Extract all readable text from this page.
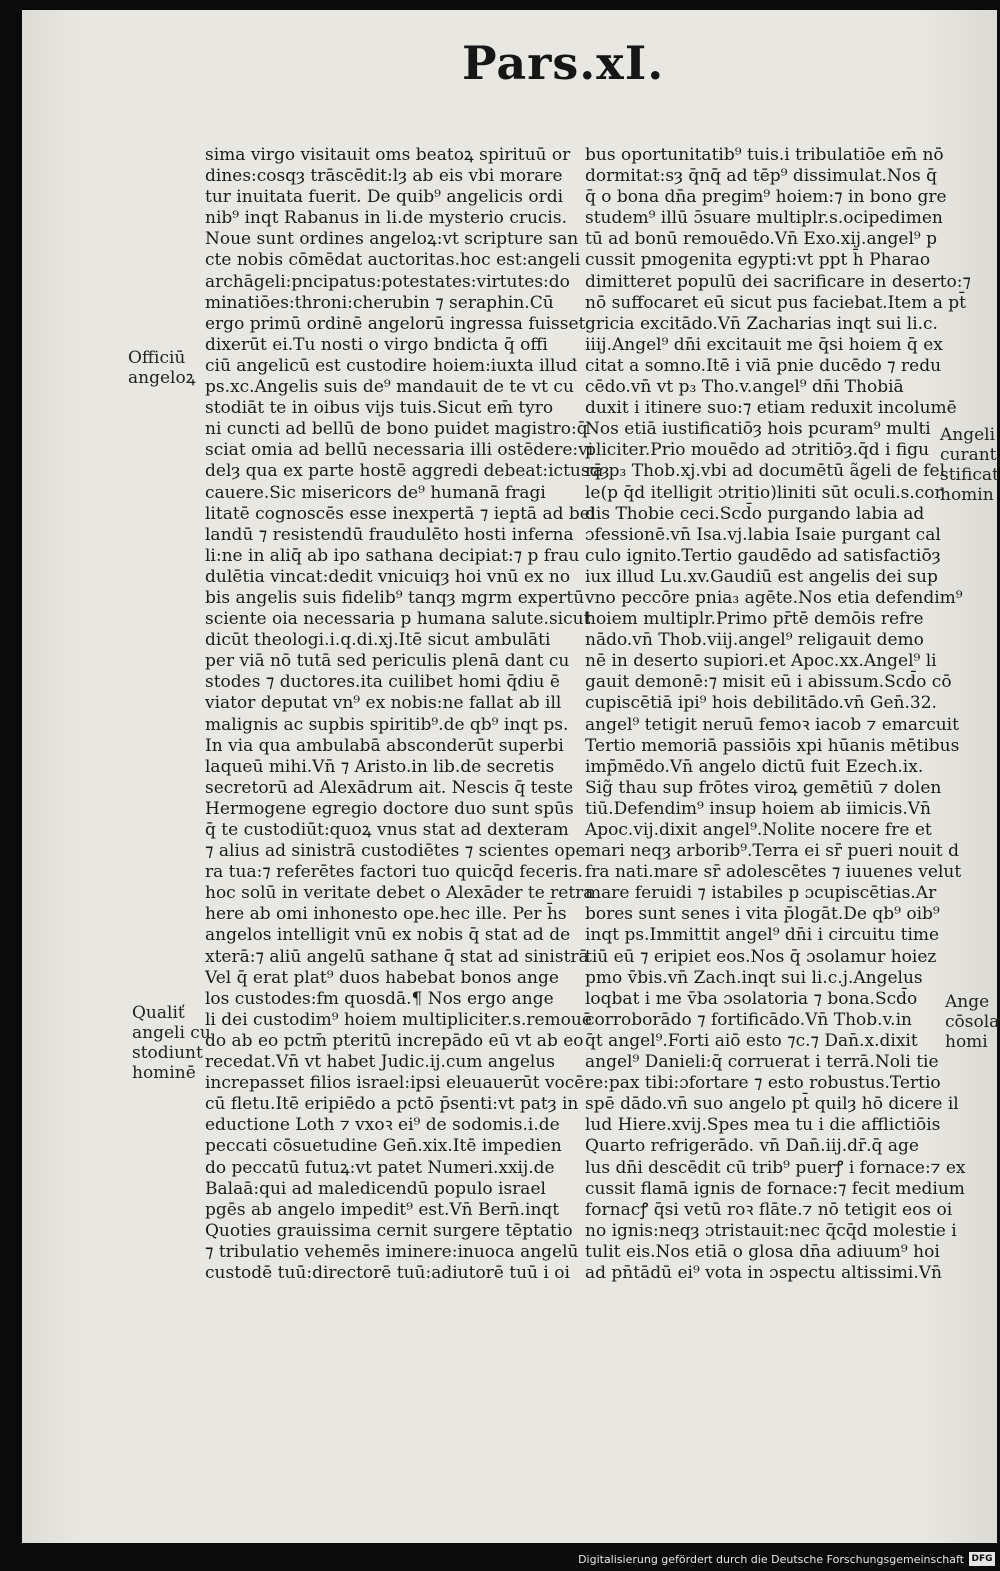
Pars.xI.
sima virgo visitauit oms beatoꝝ spirituū or
dines:cosqȝ trāscēdit:lȝ ab eis vbi morare
tur inuitata fuerit. De quib⁹ angelicis ordi
nib⁹ inqt Rabanus in li.de mysterio crucis.
Noue sunt ordines angeloꝝ:vt scripture san
cte nobis cōmēdat auctoritas.hoc est:angeli
archāgeli:pncipatus:potestates:virtutes:do
minatiōes:throni:cherubin ⁊ seraphin.Cū
ergo primū ordinē angelorū ingressa fuisset
dixerūt ei.Tu nosti o virgo bndicta q̄ offi
ciū angelicū est custodire hoiem:iuxta illud
ps.xc.Angelis suis de⁹ mandauit de te vt cu
stodiāt te in oibus vijs tuis.Sicut em̄ tyro
ni cuncti ad bellū de bono puidet magistro:q̄
sciat omia ad bellū necessaria illi ostēdere:vi
delȝ qua ex parte hostē aggredi debeat:ictusqȝ
cauere.Sic misericors de⁹ humanā fragi
litatē cognoscēs esse inexpertā ⁊ ieptā ad bel
landū ⁊ resistendū fraudulēto hosti inferna
li:ne in aliq̄ ab ipo sathana decipiat:⁊ p frau
dulētia vincat:dedit vnicuiqȝ hoi vnū ex no
bis angelis suis fidelib⁹ tanqȝ mgrm expertū
sciente oia necessaria p humana salute.sicut
dicūt theologi.i.q.di.xj.Itē sicut ambulāti
per viā nō tutā sed periculis plenā dant cu
stodes ⁊ ductores.ita cuilibet homi q̄diu ē
viator deputat vn⁹ ex nobis:ne fallat ab ill
malignis ac supbis spiritib⁹.de qb⁹ inqt ps.
In via qua ambulabā absconderūt superbi
laqueū mihi.Vn̄ ⁊ Aristo.in lib.de secretis
secretorū ad Alexādrum ait. Nescis q̄ teste
Hermogene egregio doctore duo sunt spūs
q̄ te custodiūt:quoꝝ vnus stat ad dexteram
⁊ alius ad sinistrā custodiētes ⁊ scientes ope
ra tua:⁊ referētes factori tuo quicq̄d feceris.
hoc solū in veritate debet o Alexāder te retra
here ab omi inhonesto ope.hec ille. Per h̄s
angelos intelligit vnū ex nobis q̄ stat ad de
xterā:⁊ aliū angelū sathane q̄ stat ad sinistrā
Vel q̄ erat plat⁹ duos habebat bonos ange
los custodes:fm quosdā.¶ Nos ergo ange
li dei custodim⁹ hoiem multipliciter.s.remouē
do ab eo pctm̄ pteritū increpādo eū vt ab eo
recedat.Vn̄ vt habet Judic.ij.cum angelus
increpasset filios israel:ipsi eleuauerūt vocē
cū fletu.Itē eripiēdo a pctō p̄senti:vt patȝ in
eductione Loth ⁊ vxoꝛ ei⁹ de sodomis.i.de
peccati cōsuetudine Gen̄.xix.Itē impedien
do peccatū futuꝝ:vt patet Numeri.xxij.de
Balaā:qui ad maledicendū populo israel
pgēs ab angelo impedit⁹ est.Vn̄ Bern̄.inqt
Quoties grauissima cernit surgere tēptatio
⁊ tribulatio vehemēs iminere:inuoca angelū
custodē tuū:directorē tuū:adiutorē tuū i oi
bus oportunitatib⁹ tuis.i tribulatiōe em̄ nō
dormitat:sȝ q̄nq̄ ad tēp⁹ dissimulat.Nos q̄
q̄ o bona dn̄a pregim⁹ hoiem:⁊ in bono gre
studem⁹ illū ɔ̄suare multiplr.s.ocipedimen
tū ad bonū remouēdo.Vn̄ Exo.xij.angel⁹ p
cussit pmogenita egypti:vt ppt h̄ Pharao
dimitteret populū dei sacrificare in deserto:⁊
nō suffocaret eū sicut pus faciebat.Item a pt̄
gricia excitādo.Vn̄ Zacharias inqt sui li.c.
iiij.Angel⁹ dn̄i excitauit me q̄si hoiem q̄ ex
citat a somno.Itē i viā pnie ducēdo ⁊ redu
cēdo.vn̄ vt p₃ Tho.v.angel⁹ dn̄i Thobiā
duxit i itinere suo:⁊ etiam reduxit incolumē
Nos etiā iustificatiōȝ hois pcuram⁹ multi
pliciter.Pri̇o mouēdo ad ɔtritiōȝ.q̄d i figu
rā p₃ Thob.xj.vbi ad documētū ãgeli de fel
le(p q̄d itelligit ɔtritio)liniti sūt oculi.s.cor
dis Thobie ceci.Scd̄o purgando labia ad
ɔfessionē.vn̄ Isa.vj.labia Isaie purgant cal
culo ignito.Tertio gaudēdo ad satisfactiōȝ
iux illud Lu.xv.Gaudiū est angelis dei sup
vno peccōre pnia₃ agēte.Nos etia defendim⁹
hoiem multiplr.Primo pr̄tē demōis refre
nādo.vn̄ Thob.viij.angel⁹ religauit demo
nē in deserto supiori.et Apoc.xx.Angel⁹ li
gauit demonē:⁊ misit eū i abissum.Scd̄o cō
cupiscētiā ipi⁹ hois debilitādo.vn̄ Gen̄.32.
angel⁹ tetigit neruū femoꝛ iacob ⁊ emarcuit
Tertio memoriā passiōis xpi hūanis mētibus
imp̄mēdo.Vn̄ angelo dictū fuit Ezech.ix.
Sig̃ thau sup frōtes viroꝝ gemētiū ⁊ dolen
tiū.Defendim⁹ insup hoiem ab iimicis.Vn̄
Apoc.vij.dixit angel⁹.Nolite nocere fre et
mari neqȝ arborib⁹.Terra ei sr̄ pueri nouit d
fra nati.mare sr̄ adolescētes ⁊ iuuenes velut
mare feruidi ⁊ istabiles p ɔcupiscētias.Ar
bores sunt senes i vita p̄logāt.De qb⁹ oib⁹
inqt ps.Immittit angel⁹ dn̄i i circuitu time
tiū eū ⁊ eripiet eos.Nos q̄ ɔsolamur hoiez
pmo v̄bis.vn̄ Zach.inqt sui li.c.j.Angelus
loqbat i me v̄ba ɔsolatoria ⁊ bona.Scd̄o
corroborādo ⁊ fortificādo.Vn̄ Thob.v.in
q̄t angel⁹.Forti aiō esto ⁊c.⁊ Dan̄.x.dixit
angel⁹ Danieli:q̄ corruerat i terrā.Noli tie
re:pax tibi:ɔfortare ⁊ esto robustus.Tertio
spē dādo.vn̄ suo angelo pt̄ quilȝ hō dicere il
lud Hiere.xvij.Spes mea tu i die afflictiōis
Quarto refrigerādo. vn̄ Dan̄.iij.dr̄.q̄ age
lus dn̄i descēdit cū trib⁹ puerꝭ i fornace:⁊ ex
cussit flamā ignis de fornace:⁊ fecit medium
fornacꝭ q̄si vetū roꝛ flāte.⁊ nō tetigit eos oi
no ignis:neqȝ ɔtristauit:nec q̄cq̄d molestie i
tulit eis.Nos etiā o glosa dn̄a adiuum⁹ hoi
ad pn̄tādū ei⁹ vota in ɔspectu altissimi.Vn̄
Officiū
angeloꝝ
Qualiť
angeli cu
stodiunt
hominē
Angeli
curant
stificat
homin
Ange
cōsola
homi
Digitalisierung gefördert durch die Deutsche Forschungsgemeinschaft DFG
